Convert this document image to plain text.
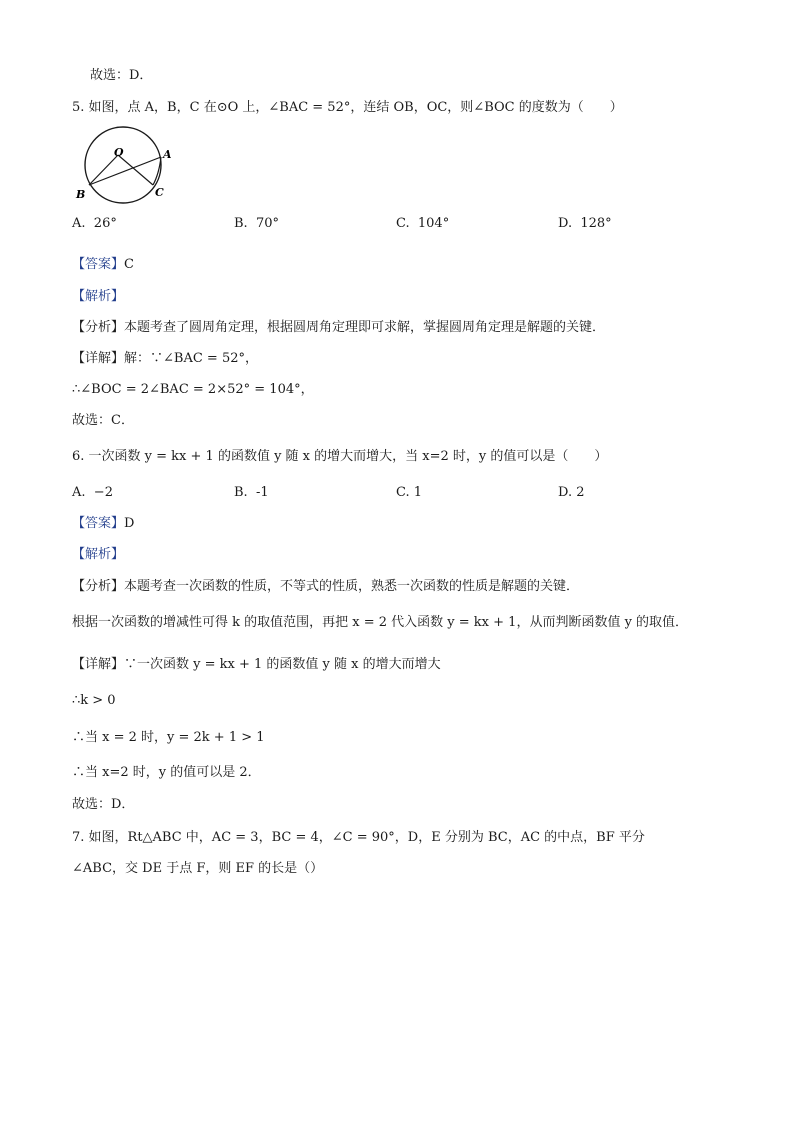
故选：D．
5. 如图，点 A，B，C 在⊙O 上，∠BAC = 52°，连结 OB，OC，则∠BOC 的度数为（　　）
O	A
B	C
A. 26°	B. 70°	C. 104°	D. 128°
【答案】C
【解析】
【分析】本题考查了圆周角定理，根据圆周角定理即可求解，掌握圆周角定理是解题的关键．
【详解】解：∵∠BAC = 52°，
∴∠BOC = 2∠BAC = 2×52° = 104°，
故选：C．
6. 一次函数 y = kx + 1 的函数值 y 随 x 的增大而增大，当 x=2 时，y 的值可以是（　　）
A. −2	B. -1	C. 1	D. 2
【答案】D
【解析】
【分析】本题考查一次函数的性质，不等式的性质，熟悉一次函数的性质是解题的关键．
根据一次函数的增减性可得 k 的取值范围，再把 x = 2 代入函数 y = kx + 1，从而判断函数值 y 的取值．
【详解】∵一次函数 y = kx + 1 的函数值 y 随 x 的增大而增大
∴k > 0
∴当 x = 2 时，y = 2k + 1 > 1
∴当 x=2 时，y 的值可以是 2．
故选：D．
7. 如图，Rt△ABC 中，AC = 3，BC = 4，∠C = 90°，D，E 分别为 BC，AC 的中点，BF 平分
∠ABC，交 DE 于点 F，则 EF 的长是（）
